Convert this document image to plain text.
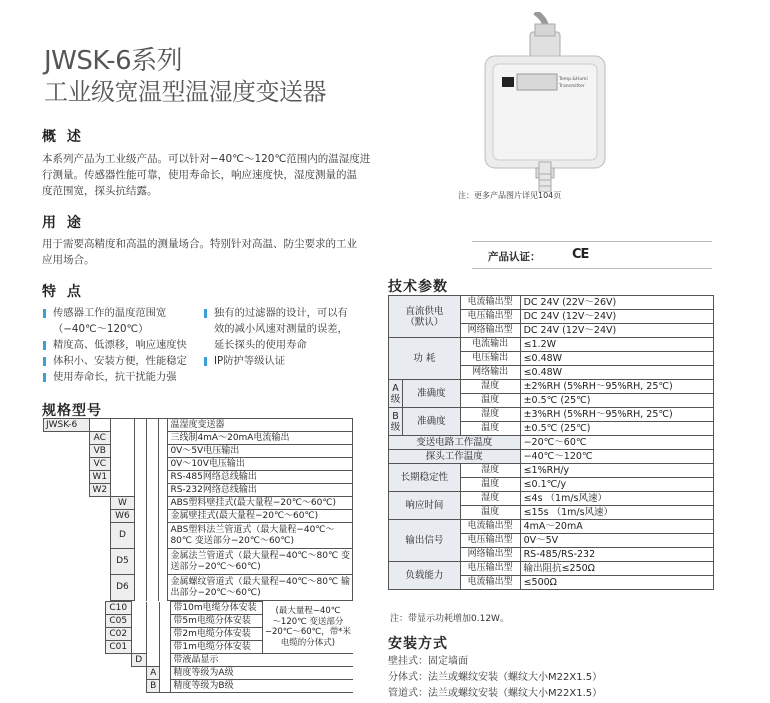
JWSK-6系列
工业级宽温型温湿度变送器
概 述
本系列产品为工业级产品。可以针对−40℃～120℃范围内的温湿度进
行测量。传感器性能可靠，使用寿命长，响应速度快，湿度测量的温
度范围宽，探头抗结露。
用 途
用于需要高精度和高温的测量场合。特别针对高温、防尘要求的工业
应用场合。
特 点
传感器工作的温度范围宽
（−40℃～120℃）
精度高、低漂移，响应速度快
体积小、安装方便，性能稳定
使用寿命长，抗干扰能力强
独有的过滤器的设计，可以有
效的减小风速对测量的误差，
延长探头的使用寿命
IP防护等级认证
Temp.&Humi
Transmitter
注：更多产品图片详见104页
产品认证： CE
规格型号
JWSK-6						温湿度变送器
	AC					三线制4mA～20mA电流输出
	VB					0V～5V电压输出
	VC					0V～10V电压输出
	W1					RS-485网络总线输出
	W2					RS-232网络总线输出
		W				ABS塑料壁挂式(最大量程−20℃～60℃)
		W6				金属壁挂式(最大量程−20℃～60℃)
		D				ABS塑料法兰管道式（最大量程−40℃～
80℃ 变送部分−20℃～60℃)

		D5				金属法兰管道式（最大量程−40℃～80℃ 变
送部分−20℃～60℃)

		D6				金属螺纹管道式（最大量程−40℃～80℃ 输
出部分−20℃～60℃)
		C10				带10m电缆分体安装	(最大量程−40℃
～120℃ 变送部分
−20℃～60℃，带*米
电缆的分体式)

		C05				带5m电缆分体安装	
		C02				带2m电缆分体安装	
		C01				带1m电缆分体安装	
			D			带液晶显示	
				A		精度等级为A级	
				B		精度等级为B级	
技术参数
直流供电
（默认）		电流输出型	DC 24V (22V～26V)
		电压输出型	DC 24V (12V～24V)
		网络输出型	DC 24V (12V～24V)
功 耗		电流输出	≤1.2W
		电压输出	≤0.48W
		网络输出	≤0.48W

A
级	准确度	湿度	±2%RH (5%RH～95%RH, 25℃)
		温度	±0.5℃ (25℃)

B
级	准确度	湿度	±3%RH (5%RH～95%RH, 25℃)
		温度	±0.5℃ (25℃)
变送电路工作温度			−20℃～60℃
探头工作温度			−40℃～120℃
长期稳定性		湿度	≤1%RH/y
		温度	≤0.1℃/y
响应时间		湿度	≤4s （1m/s风速）
		温度	≤15s （1m/s风速）
输出信号		电流输出型	4mA～20mA
		电压输出型	0V～5V
		网络输出型	RS-485/RS-232
负载能力		电压输出型	输出阻抗≤250Ω
		电流输出型	≤500Ω
注：带显示功耗增加0.12W。
安装方式
壁挂式：固定墙面
分体式：法兰或螺纹安装（螺纹大小M22X1.5）
管道式：法兰或螺纹安装（螺纹大小M22X1.5）
